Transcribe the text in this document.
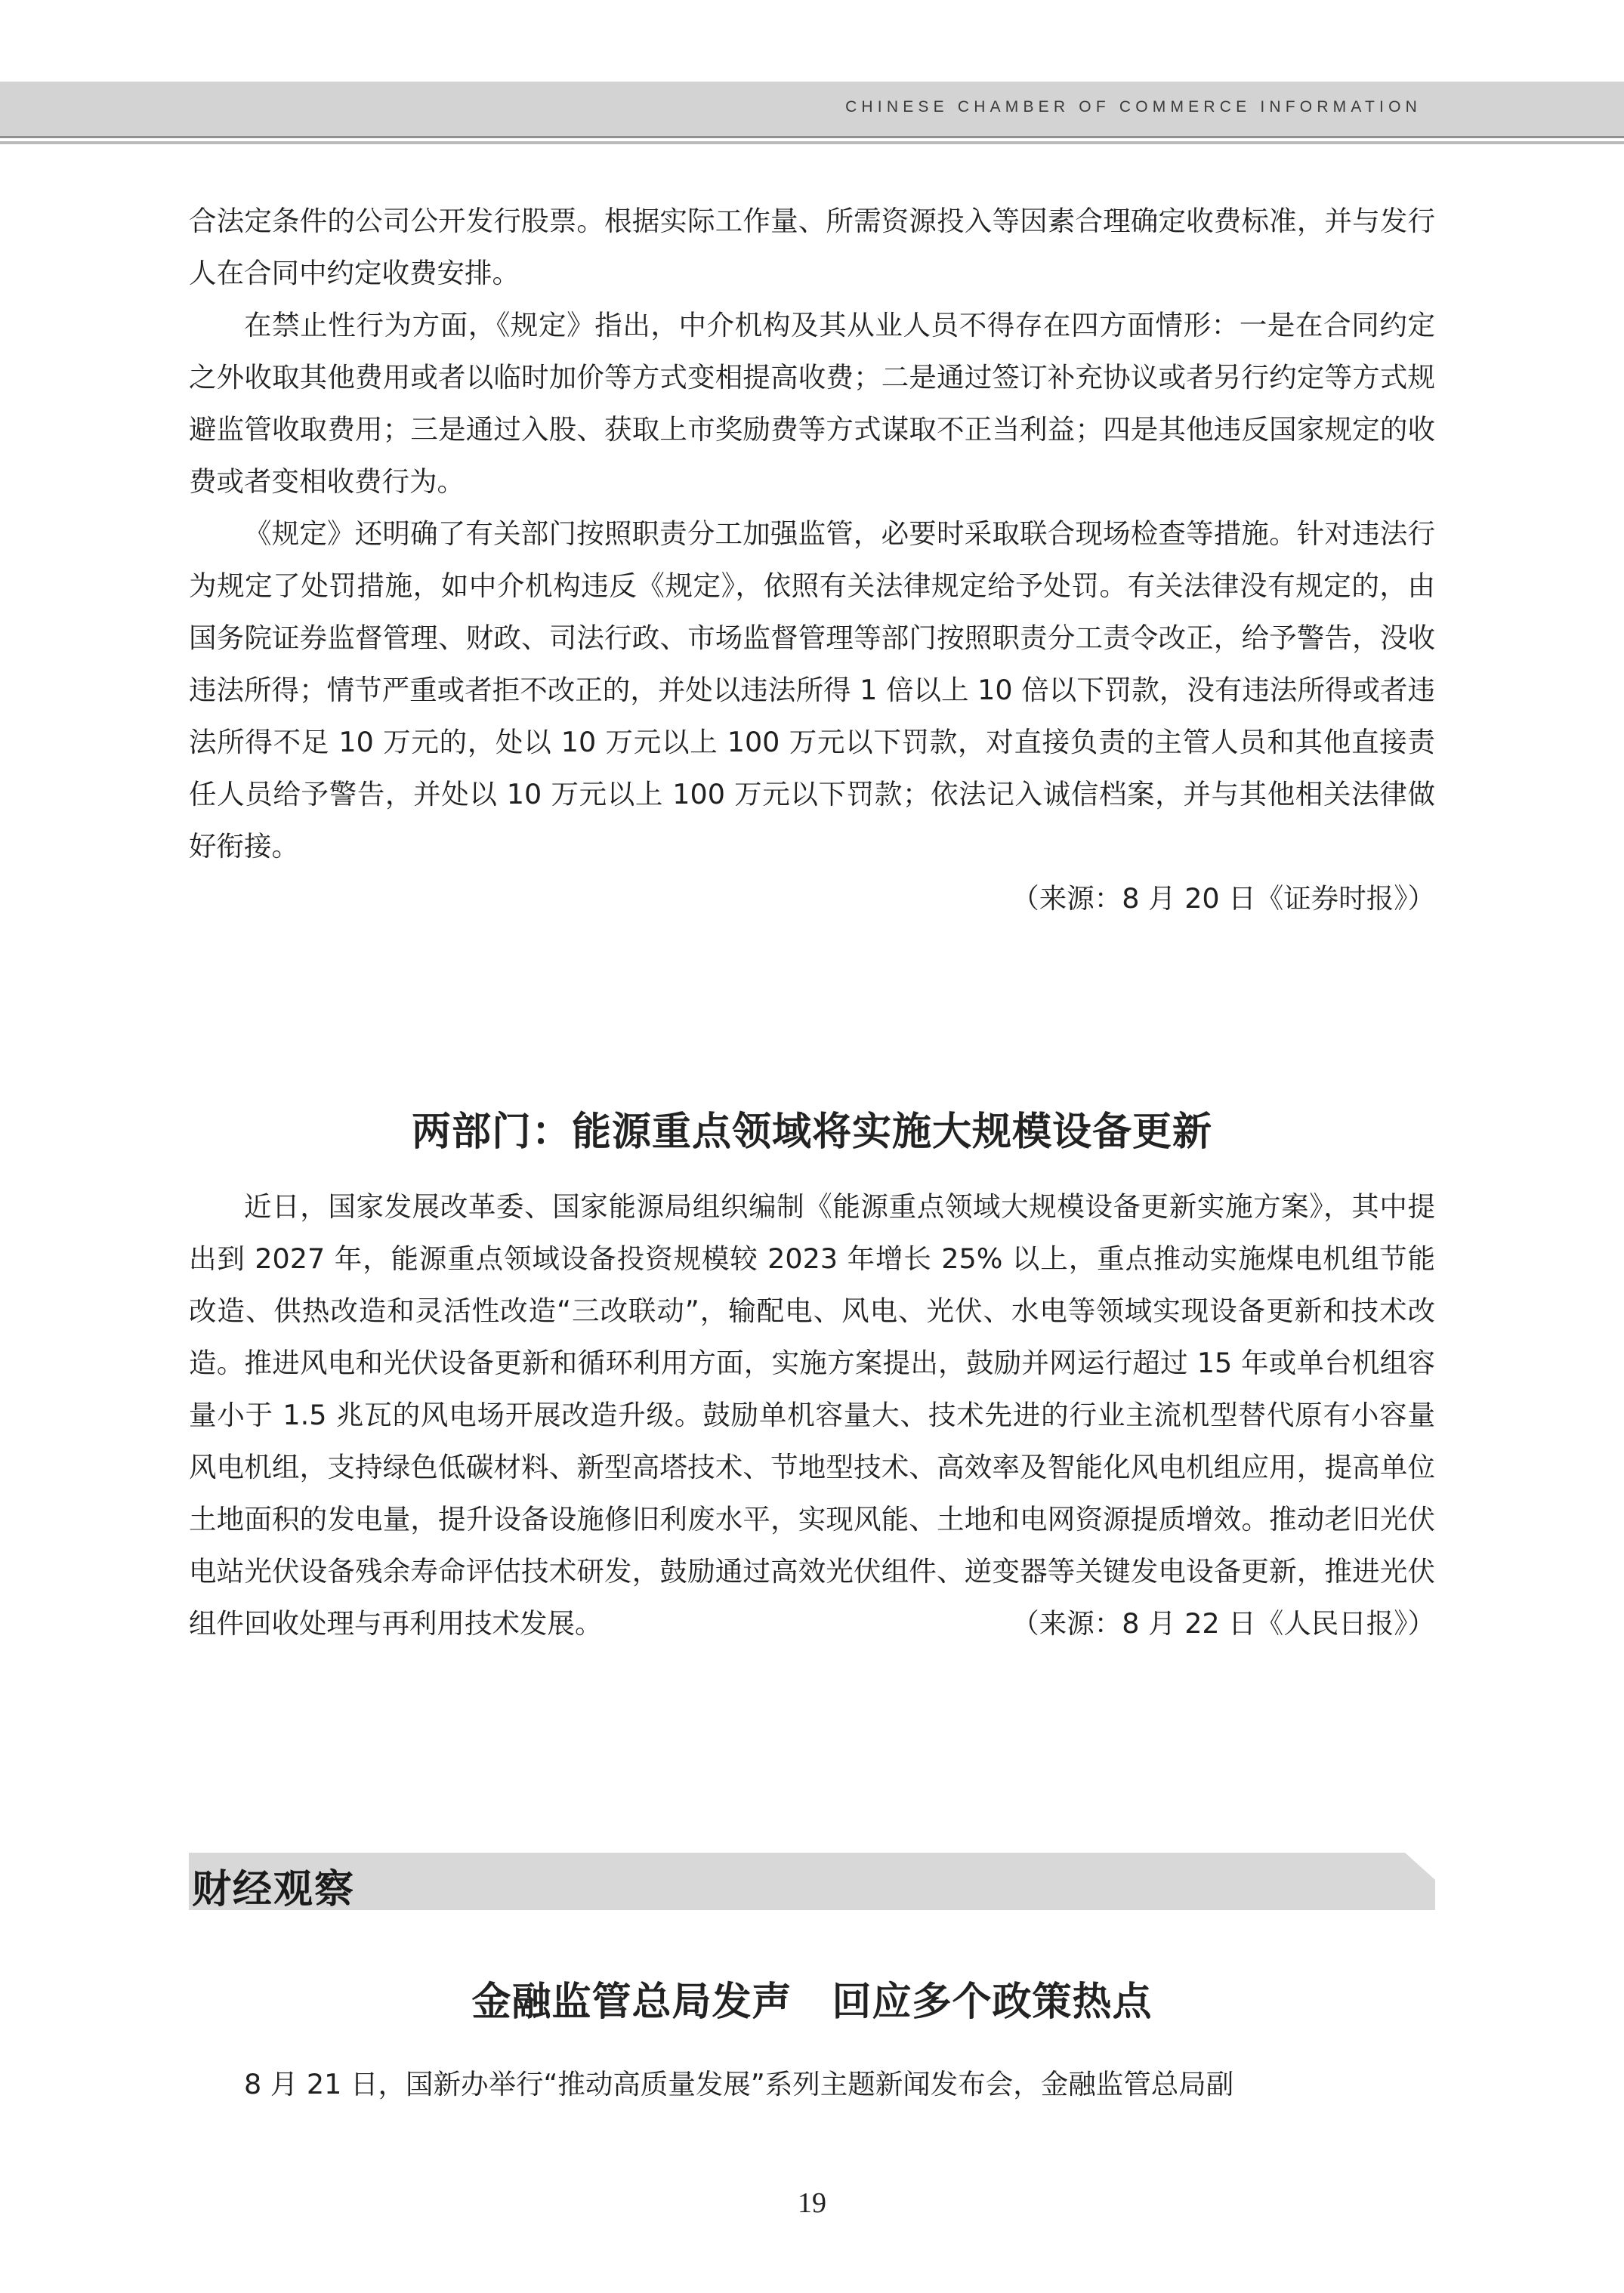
CHINESE CHAMBER OF COMMERCE INFORMATION

合法定条件的公司公开发行股票。根据实际工作量、所需资源投入等因素合理确定收费标准，并与发行人在合同中约定收费安排。

在禁止性行为方面，《规定》指出，中介机构及其从业人员不得存在四方面情形：一是在合同约定之外收取其他费用或者以临时加价等方式变相提高收费；二是通过签订补充协议或者另行约定等方式规避监管收取费用；三是通过入股、获取上市奖励费等方式谋取不正当利益；四是其他违反国家规定的收费或者变相收费行为。

《规定》还明确了有关部门按照职责分工加强监管，必要时采取联合现场检查等措施。针对违法行为规定了处罚措施，如中介机构违反《规定》，依照有关法律规定给予处罚。有关法律没有规定的，由国务院证券监督管理、财政、司法行政、市场监督管理等部门按照职责分工责令改正，给予警告，没收违法所得；情节严重或者拒不改正的，并处以违法所得 1 倍以上 10 倍以下罚款，没有违法所得或者违法所得不足 10 万元的，处以 10 万元以上 100 万元以下罚款，对直接负责的主管人员和其他直接责任人员给予警告，并处以 10 万元以上 100 万元以下罚款；依法记入诚信档案，并与其他相关法律做好衔接。

（来源：8 月 20 日《证券时报》）
两部门：能源重点领域将实施大规模设备更新

近日，国家发展改革委、国家能源局组织编制《能源重点领域大规模设备更新实施方案》，其中提出到 2027 年，能源重点领域设备投资规模较 2023 年增长 25% 以上，重点推动实施煤电机组节能改造、供热改造和灵活性改造“三改联动”，输配电、风电、光伏、水电等领域实现设备更新和技术改造。推进风电和光伏设备更新和循环利用方面，实施方案提出，鼓励并网运行超过 15 年或单台机组容量小于 1.5 兆瓦的风电场开展改造升级。鼓励单机容量大、技术先进的行业主流机型替代原有小容量风电机组，支持绿色低碳材料、新型高塔技术、节地型技术、高效率及智能化风电机组应用，提高单位土地面积的发电量，提升设备设施修旧利废水平，实现风能、土地和电网资源提质增效。推动老旧光伏电站光伏设备残余寿命评估技术研发，鼓励通过高效光伏组件、逆变器等关键发电设备更新，推进光伏组件回收处理与再利用技术发展。	（来源：8 月 22 日《人民日报》）

财经观察
金融监管总局发声　回应多个政策热点

8 月 21 日，国新办举行“推动高质量发展”系列主题新闻发布会，金融监管总局副

19
